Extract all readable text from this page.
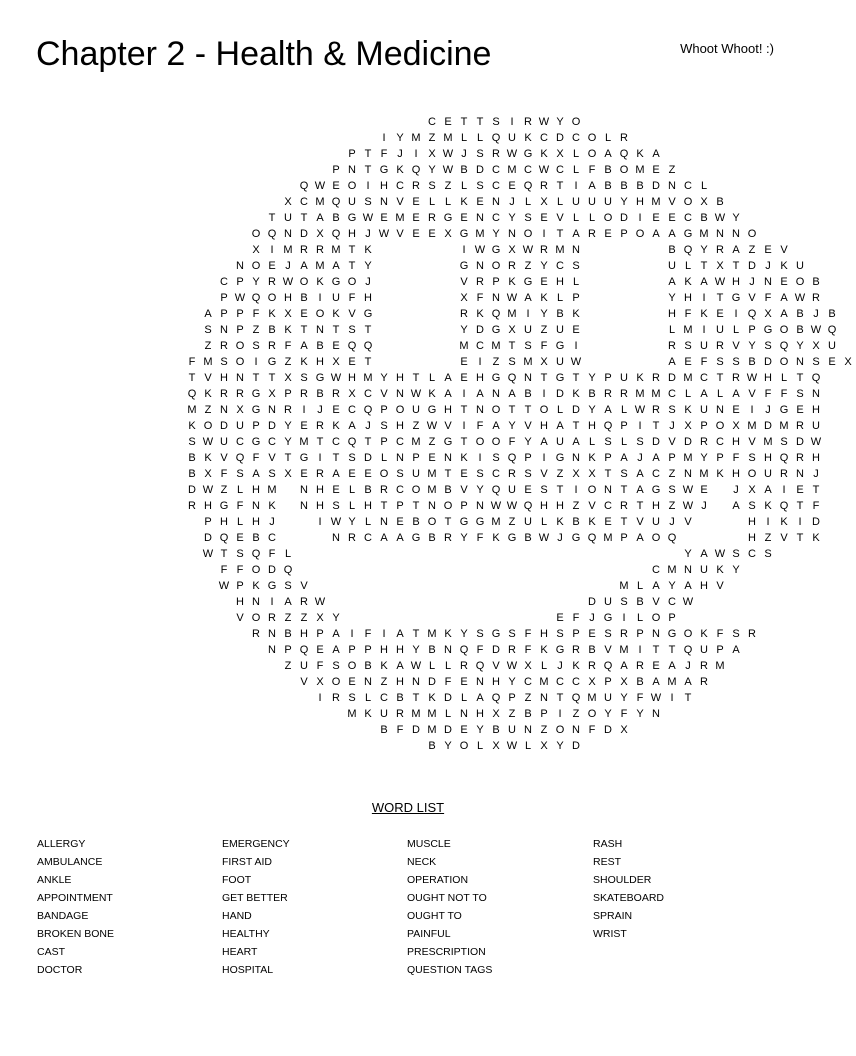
Chapter 2 - Health & Medicine	Whoot Whoot! :)
C E T T S I R W Y O
I Y M Z M L L Q U K C D C O L R
P T F J	I X W J S R W G K X L O A Q K A
P N T G K Q Y W B D C M C W C L F B O M E Z
Q W E O I H C R S Z L S C E Q R T	I A B B B D N C L
X C M Q U S N V E L L K E N J L X L U U U Y H M V O X B
T U T A B G W E M E R G E N C Y S E V L L O D I E E C B W Y
O Q N D X Q H J W V E E X G M Y N O I	T A R E P O A A G M N N O
X I M R R M T K	I W G X W R M N	B Q Y R A Z E V
N O E J A M A T Y	G N O R Z Y C S	U L T X T D J K U
C P Y R W O K G O J	V R P K G E H L	A K A W H J N E O B
P W Q O H B I U F H	X F N W A K L P	Y H I	T G V F A W R
A P P F K X E O K V G	R K Q M I Y B K	H F K E I Q X A B J B
S N P Z B K T N T S T	Y D G X U Z U E	L M I U L P G O B W Q
Z R O S R F A B E Q Q	M C M T S F G I	R S U R V Y S Q Y X U
F M S O I G Z K H X E T	E I	Z S M X U W	A E F S S B D O N S E X
T V H N T T X S G W H M Y H T L A E H G Q N T G T Y P U K R D M C T R W H L T Q
Q K R R G X P R B R X C V N W K A I A N A B I D K B R R M M C L A L A V F F S N
M Z N X G N R I	J E C Q P O U G H T N O T T O L D Y A L W R S K U N E I	J G E H
K O D U P D Y E R K A J S H Z W V I	F A Y V H A T H Q P I	T J X P O X M D M R U
S W U C G C Y M T C Q T P C M Z G T O O F Y A U A L S L S D V D R C H V M S D W
B K V Q F V T G I	T S D L N P E N K I S Q P I G N K P A J A P M Y P F S H Q R H
B X F S A S X E R A E E O S U M T E S C R S V Z X X T S A C Z N M K H O U R N J
D W Z L H M	N H E L B R C O M B V Y Q U E S T	I O N T A G S W E	J X A I E T
R H G F N K	N H S L H T P T N O P N W W Q H H Z V C R T H Z W J	A S K Q T F
P H L H J	I W Y L N E B O T G G M Z U L K B K E T V U J V	H I K I D
D Q E B C	N R C A A G B R Y F K G B W J G Q M P A O Q	H Z V T K
W T S Q F L	Y A W S C S
F F O D Q	C M N U K Y
W P K G S V	M L A Y A H V
H N I A R W	D U S B V C W
V O R Z Z X Y	E F J G I	L O P
R N B H P A I	F	I A T M K Y S G S F H S P E S R P N G O K F S R
N P Q E A P P H H Y B N Q F D R F K G R B V M I	T T Q U P A
Z U F S O B K A W L L R Q V W X L J K R Q A R E A J R M
V X O E N Z H N D F E N H Y C M C C X P X B A M A R
I R S L C B T K D L A Q P Z N T Q M U Y F W I	T
M K U R M M L N H X Z B P I	Z O Y F Y N
B F D M D E Y B U N Z O N F D X
B Y O L X W L X Y D
WORD LIST
ALLERGY
AMBULANCE
ANKLE
APPOINTMENT
BANDAGE
BROKEN BONE
CAST
DOCTOR
EMERGENCY
FIRST AID
FOOT
GET BETTER
HAND
HEALTHY
HEART
HOSPITAL
MUSCLE
NECK
OPERATION
OUGHT NOT TO
OUGHT TO
PAINFUL
PRESCRIPTION
QUESTION TAGS
RASH
REST
SHOULDER
SKATEBOARD
SPRAIN
WRIST
